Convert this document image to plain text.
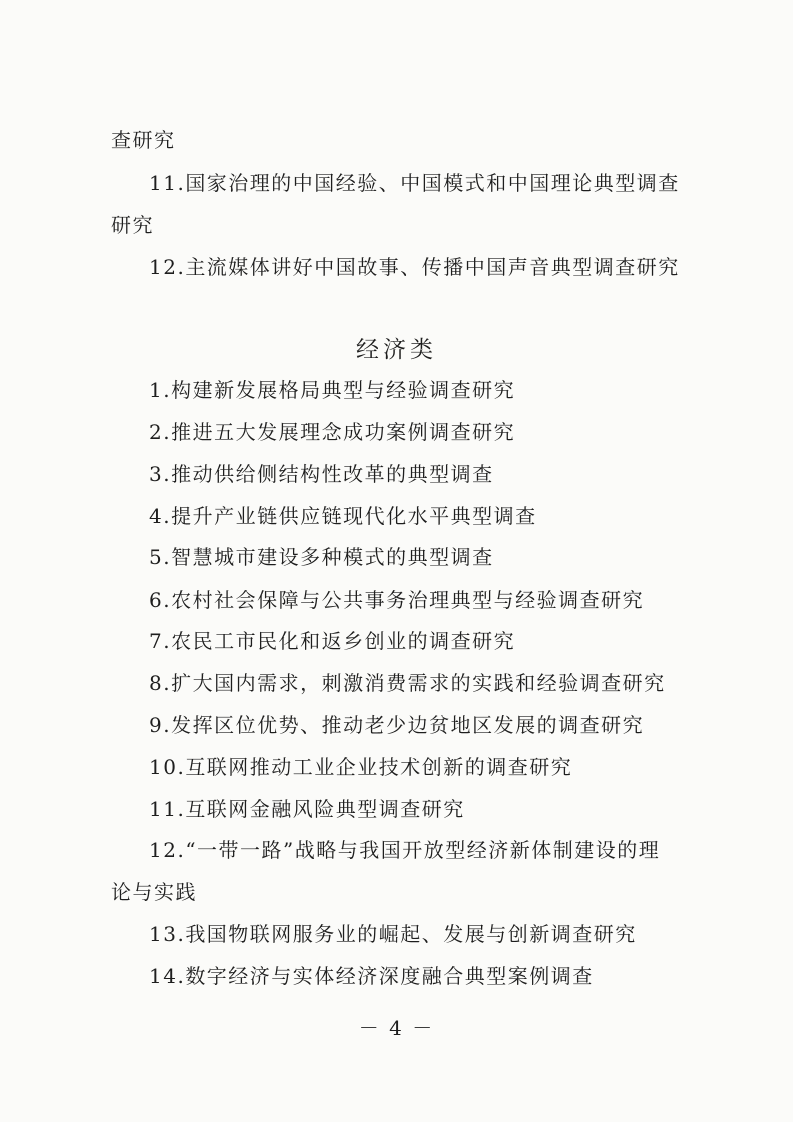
查研究

11.国家治理的中国经验、中国模式和中国理论典型调查

研究

12.主流媒体讲好中国故事、传播中国声音典型调查研究

经济类

1.构建新发展格局典型与经验调查研究

2.推进五大发展理念成功案例调查研究

3.推动供给侧结构性改革的典型调查

4.提升产业链供应链现代化水平典型调查

5.智慧城市建设多种模式的典型调查

6.农村社会保障与公共事务治理典型与经验调查研究

7.农民工市民化和返乡创业的调查研究

8.扩大国内需求，刺激消费需求的实践和经验调查研究

9.发挥区位优势、推动老少边贫地区发展的调查研究

10.互联网推动工业企业技术创新的调查研究

11.互联网金融风险典型调查研究

12.“一带一路”战略与我国开放型经济新体制建设的理

论与实践

13.我国物联网服务业的崛起、发展与创新调查研究

14.数字经济与实体经济深度融合典型案例调查

－ 4 －
